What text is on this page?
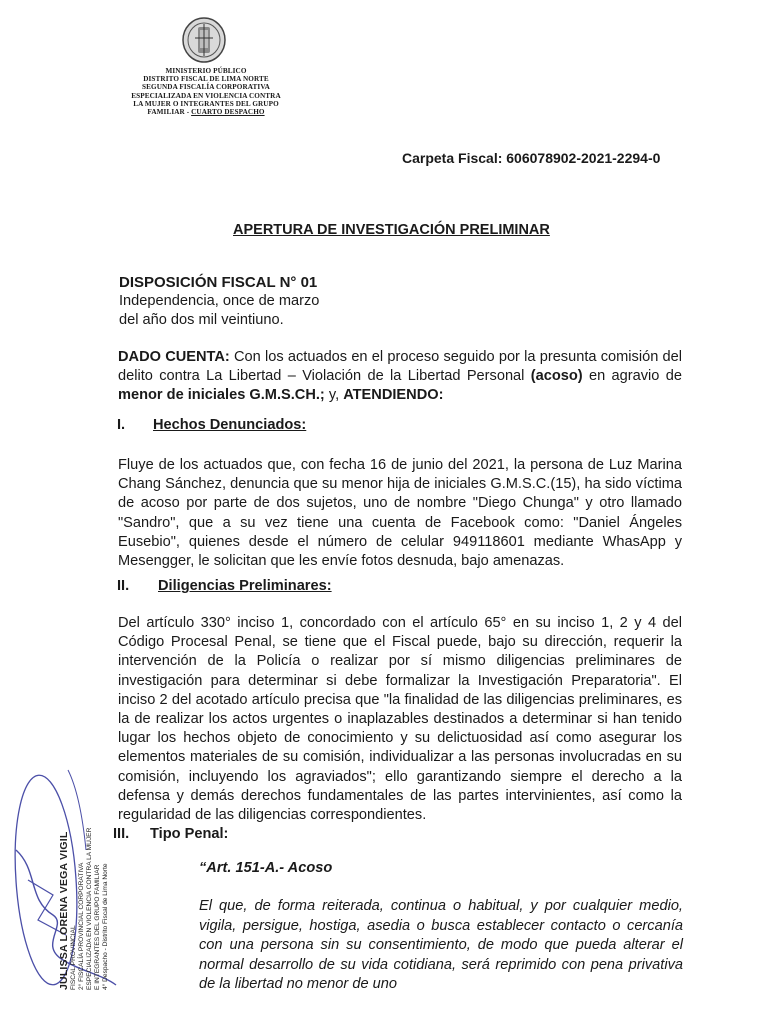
MINISTERIO PÚBLICO
DISTRITO FISCAL DE LIMA NORTE
SEGUNDA FISCALÍA CORPORATIVA
ESPECIALIZADA EN VIOLENCIA CONTRA
LA MUJER O INTEGRANTES DEL GRUPO
FAMILIAR - CUARTO DESPACHO
Carpeta Fiscal: 606078902-2021-2294-0
APERTURA DE INVESTIGACIÓN PRELIMINAR
DISPOSICIÓN FISCAL N° 01
Independencia, once de marzo
del año dos mil veintiuno.

DADO CUENTA: Con los actuados en el proceso seguido por la presunta comisión del delito contra La Libertad – Violación de la Libertad Personal (acoso) en agravio de menor de iniciales G.M.S.CH.; y, ATENDIENDO:

I. Hechos Denunciados:

Fluye de los actuados que, con fecha 16 de junio del 2021, la persona de Luz Marina Chang Sánchez, denuncia que su menor hija de iniciales G.M.S.C.(15), ha sido víctima de acoso por parte de dos sujetos, uno de nombre "Diego Chunga" y otro llamado "Sandro", que a su vez tiene una cuenta de Facebook como: "Daniel Ángeles Eusebio", quienes desde el número de celular 949118601 mediante WhasApp y Mesengger, le solicitan que les envíe fotos desnuda, bajo amenazas.

II. Diligencias Preliminares:

Del artículo 330° inciso 1, concordado con el artículo 65° en su inciso 1, 2 y 4 del Código Procesal Penal, se tiene que el Fiscal puede, bajo su dirección, requerir la intervención de la Policía o realizar por sí mismo diligencias preliminares de investigación para determinar si debe formalizar la Investigación Preparatoria". El inciso 2 del acotado artículo precisa que "la finalidad de las diligencias preliminares, es la de realizar los actos urgentes o inaplazables destinados a determinar si han tenido lugar los hechos objeto de conocimiento y su delictuosidad así como asegurar los elementos materiales de su comisión, individualizar a las personas involucradas en su comisión, incluyendo los agraviados"; ello garantizando siempre el derecho a la defensa y demás derechos fundamentales de las partes intervinientes, así como la regularidad de las diligencias correspondientes.

III. Tipo Penal:
“Art. 151-A.- Acoso

El que, de forma reiterada, continua o habitual, y por cualquier medio, vigila, persigue, hostiga, asedia o busca establecer contacto o cercanía con una persona sin su consentimiento, de modo que pueda alterar el normal desarrollo de su vida cotidiana, será reprimido con pena privativa de la libertad no menor de uno

JULISSA LORENA VEGA VIGIL FISCAL PROVINCIAL 2° FISCALÍA PROVINCIAL CORPORATIVA ESPECIALIZADA EN VIOLENCIA CONTRA LA MUJER E INTEGRANTES DEL GRUPO FAMILIAR 4° Despacho - Distrito Fiscal de Lima Norte
